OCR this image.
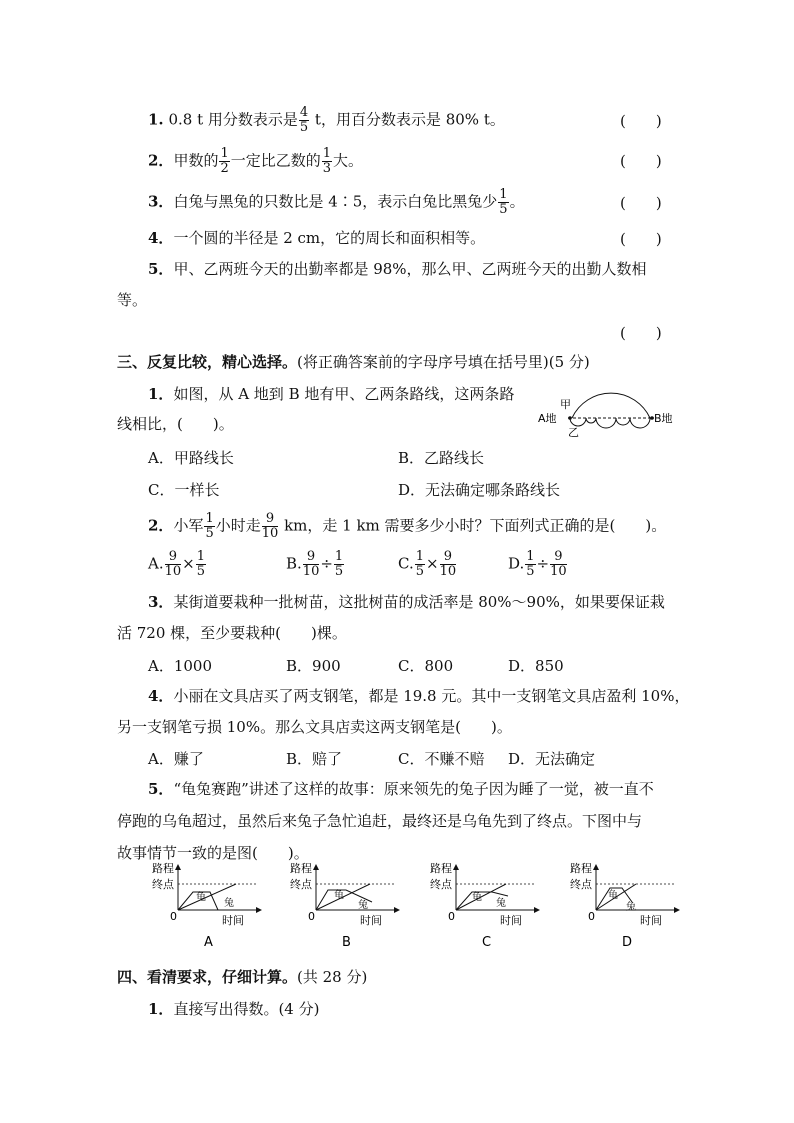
1. 0.8 t 用分数表示是 $\frac{4}{5}$ t，用百分数表示是 80% t。	(　　)
2．甲数的 $\frac{1}{2}$ 一定比乙数的 $\frac{1}{3}$ 大。	(　　)
3．白兔与黑兔的只数比是 4∶5，表示白兔比黑兔少 $\frac{1}{5}$ 。	(　　)
4．一个圆的半径是 2 cm，它的周长和面积相等。	(　　)
5．甲、乙两班今天的出勤率都是 98%，那么甲、乙两班今天的出勤人数相
等。
(　　)
三、反复比较，精心选择。(将正确答案前的字母序号填在括号里)(5 分)
1．如图，从 A 地到 B 地有甲、乙两条路线，这两条路
线相比，(　　)。	A地	B地
甲
乙
A．甲路线长	B．乙路线长
C．一样长	D．无法确定哪条路线长
2．小军 $\frac{1}{5}$ 小时走 $\frac{9}{10}$ km，走 1 km 需要多少小时？下面列式正确的是(　　)。
A. $\frac{9}{10} \times \frac{1}{5}$	B. $\frac{9}{10} \div \frac{1}{5}$	C. $\frac{1}{5} \times \frac{9}{10}$	D. $\frac{1}{5} \div \frac{9}{10}$
3．某街道要栽种一批树苗，这批树苗的成活率是 80%～90%，如果要保证栽
活 720 棵，至少要栽种(　　)棵。
A．1000	B．900	C．800	D．850
4．小丽在文具店买了两支钢笔，都是 19.8 元。其中一支钢笔文具店盈利 10%，
另一支钢笔亏损 10%。那么文具店卖这两支钢笔是(　　)。
A．赚了	B．赔了	C．不赚不赔 D．无法确定
5．“龟兔赛跑”讲述了这样的故事：原来领先的兔子因为睡了一觉，被一直不
停跑的乌龟超过，虽然后来兔子急忙追赶，最终还是乌龟先到了终点。下图中与
故事情节一致的是图(　　)。
路程
终点
0	时间
龟
兔
A
路程
终点
0	时间
龟
兔
B
路程
终点
0	时间
龟
兔
C
路程
终点
0	时间
龟
兔
D
四、看清要求，仔细计算。(共 28 分)
1．直接写出得数。(4 分)
